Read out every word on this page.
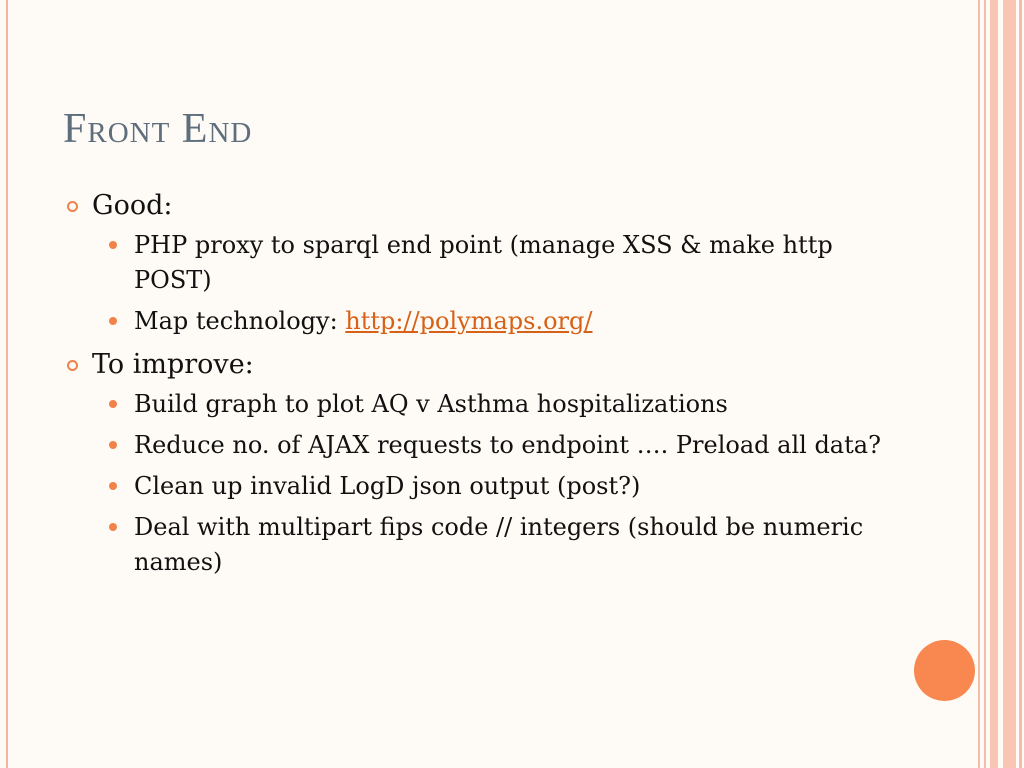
Front End
Good:
PHP proxy to sparql end point (manage XSS & make http POST)
Map technology: http://polymaps.org/
To improve:
Build graph to plot AQ v Asthma hospitalizations
Reduce no. of AJAX requests to endpoint …. Preload all data?
Clean up invalid LogD json output (post?)
Deal with multipart fips code // integers (should be numeric names)
